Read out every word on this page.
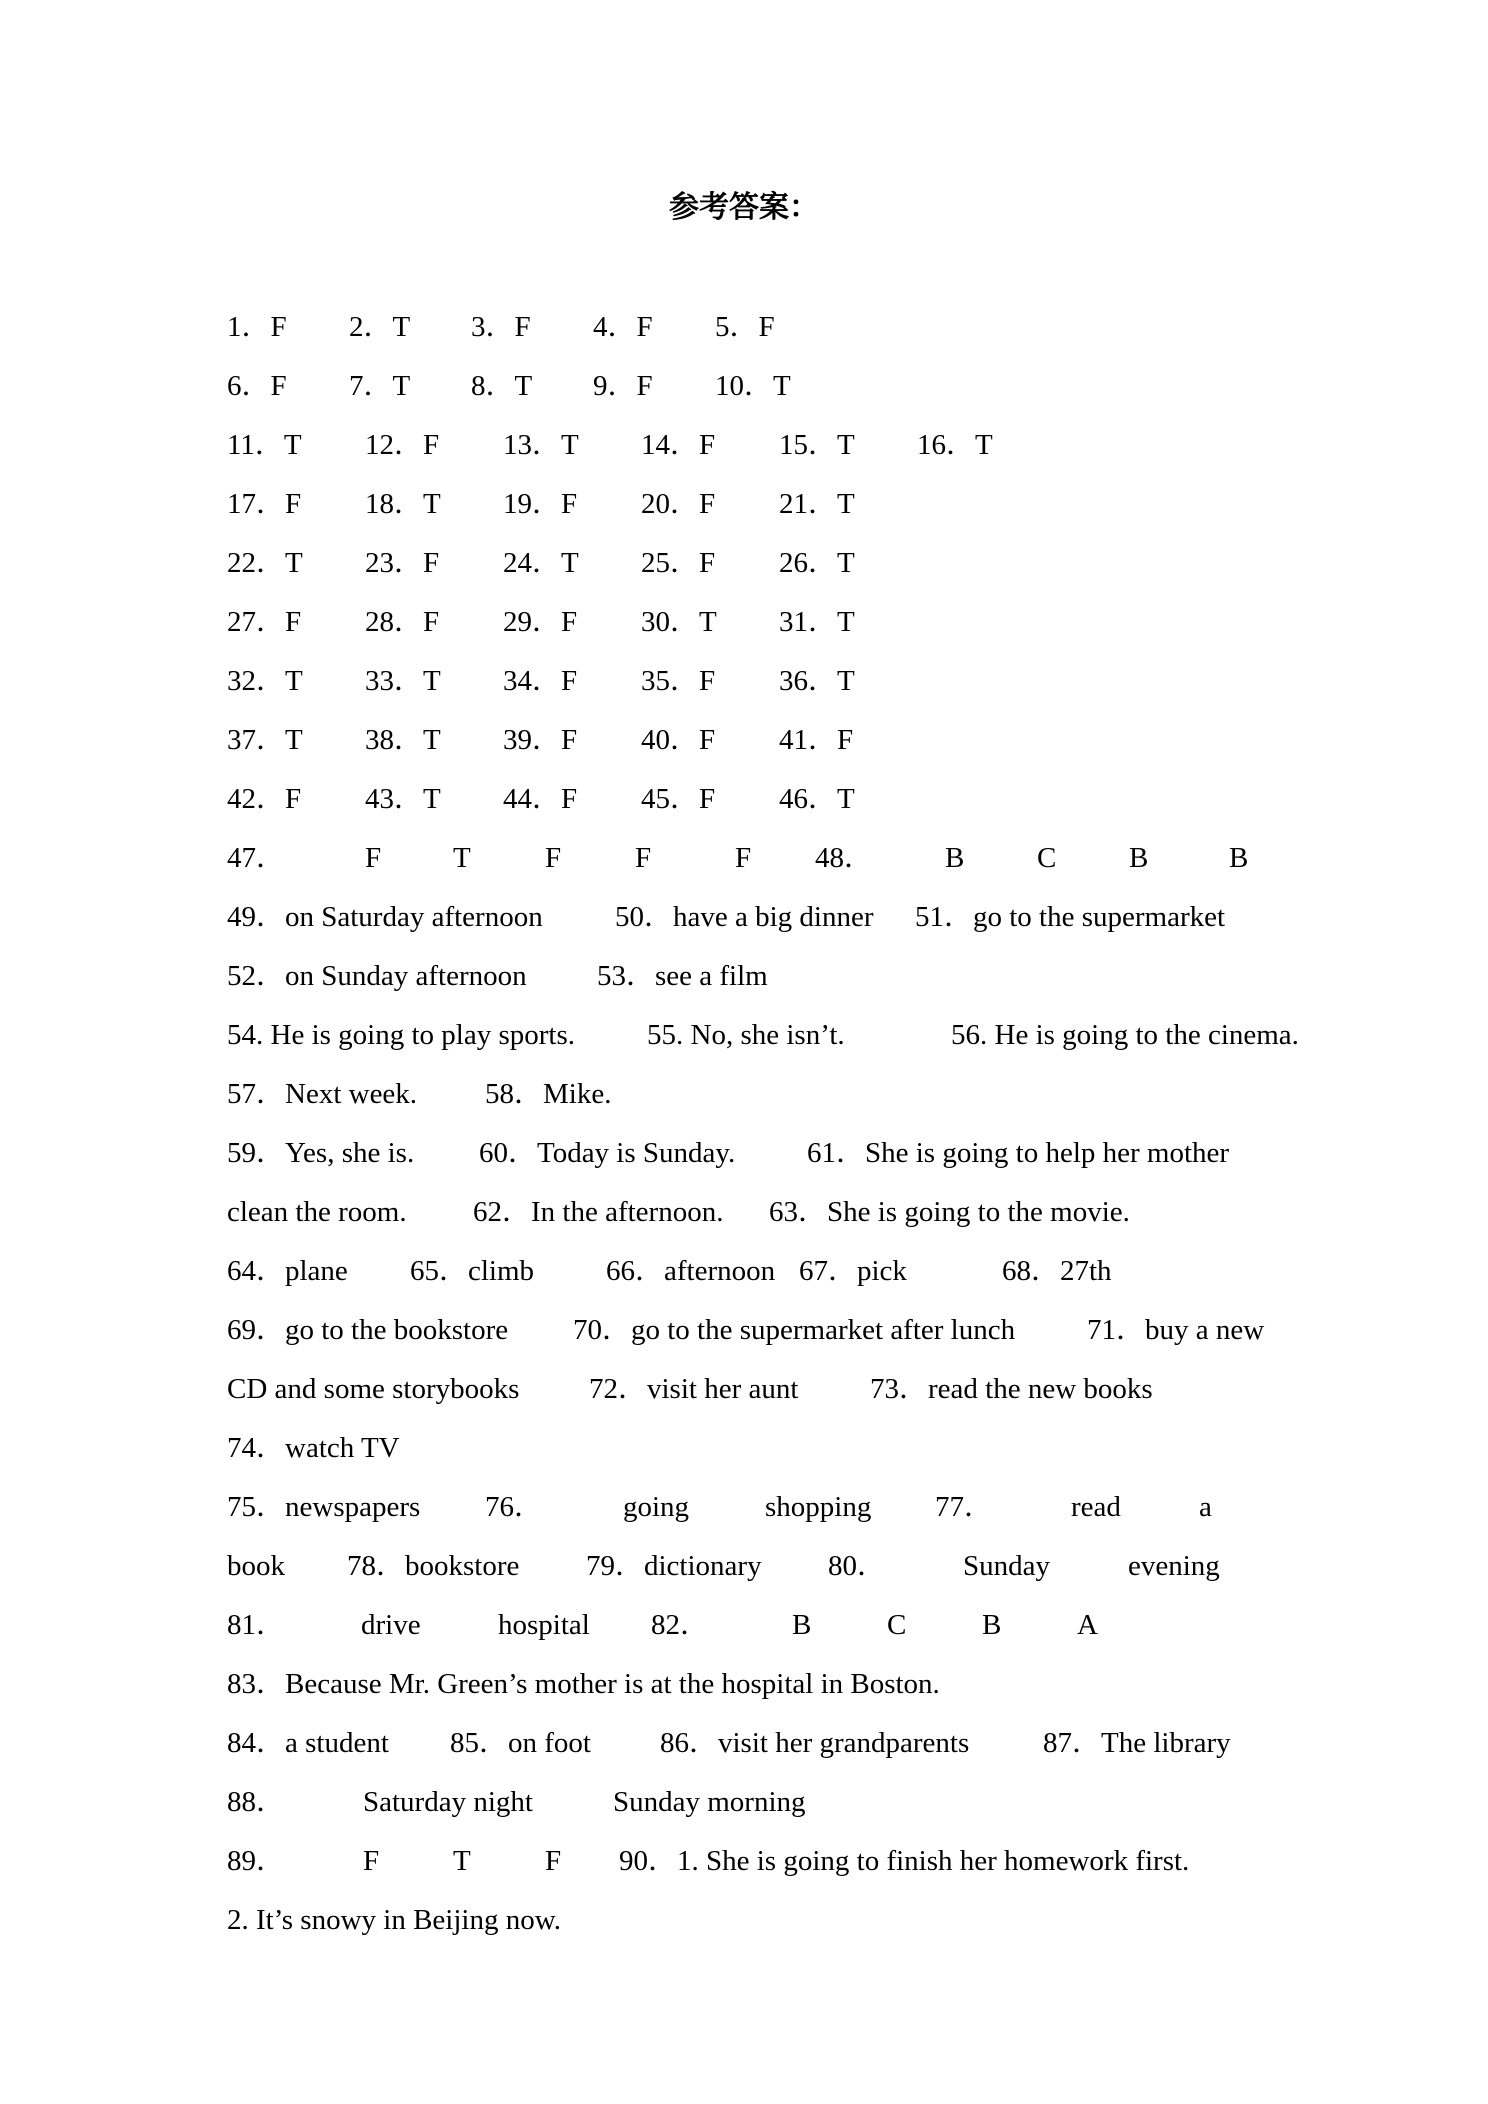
参考答案：
1．F 2．T 3．F 4．F 5．F
6．F 7．T 8．T 9．F 10．T
11．T 12．F 13．T 14．F 15．T 16．T
17．F 18．T 19．F 20．F 21．T
22．T 23．F 24．T 25．F 26．T
27．F 28．F 29．F 30．T 31．T
32．T 33．T 34．F 35．F 36．T
37．T 38．T 39．F 40．F 41．F
42．F 43．T 44．F 45．F 46．T
47．	F T	F	F	F 48． B	C	B	B
49．on Saturday afternoon 50．have a big dinner 51．go to the supermarket
52．on Sunday afternoon 53．see a film
54. He is going to play sports. 55. No, she isn’t.	56. He is going to the cinema.
57．Next week. 58．Mike.
59．Yes, she is. 60．Today is Sunday. 61．She is going to help her mother
clean the room. 62．In the afternoon. 63．She is going to the movie.
64．plane 65．climb 66．afternoon 67．pick	68．27th
69．go to the bookstore 70．go to the supermarket after lunch 71．buy a new
CD and some storybooks 72．visit her aunt 73．read the new books
74．watch TV
75．newspapers 76．	going	shopping 77．	read	a
book 78．bookstore 79．dictionary 80．	Sunday	evening
81．	drive	hospital 82．	B	C	B	A
83．Because Mr. Green’s mother is at the hospital in Boston.
84．a student 85．on foot 86．visit her grandparents	87．The library
88．	Saturday night	Sunday morning
89．	F	T	F 90．1. She is going to finish her homework first.
2. It’s snowy in Beijing now.
